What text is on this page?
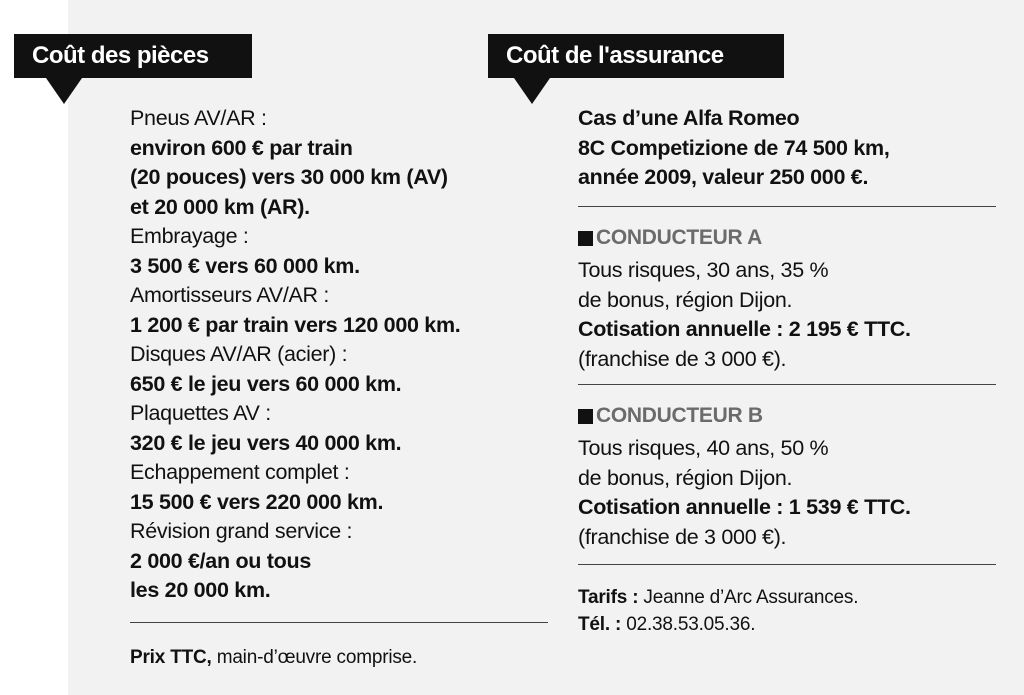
Coût des pièces	Coût de l'assurance
Pneus AV/AR :
environ 600 € par train
(20 pouces) vers 30 000 km (AV)
et 20 000 km (AR).
Embrayage :
3 500 € vers 60 000 km.
Amortisseurs AV/AR :
1 200 € par train vers 120 000 km.
Disques AV/AR (acier) :
650 € le jeu vers 60 000 km.
Plaquettes AV :
320 € le jeu vers 40 000 km.
Echappement complet :
15 500 € vers 220 000 km.
Révision grand service :
2 000 €/an ou tous
les 20 000 km.
Prix TTC, main-d’œuvre comprise.
Cas d’une Alfa Romeo
8C Competizione de 74 500 km,
année 2009, valeur 250 000 €.
CONDUCTEUR A
Tous risques, 30 ans, 35 %
de bonus, région Dijon.
Cotisation annuelle : 2 195 € TTC.
(franchise de 3 000 €).
CONDUCTEUR B
Tous risques, 40 ans, 50 %
de bonus, région Dijon.
Cotisation annuelle : 1 539 € TTC.
(franchise de 3 000 €).
Tarifs : Jeanne d’Arc Assurances.
Tél. : 02.38.53.05.36.
